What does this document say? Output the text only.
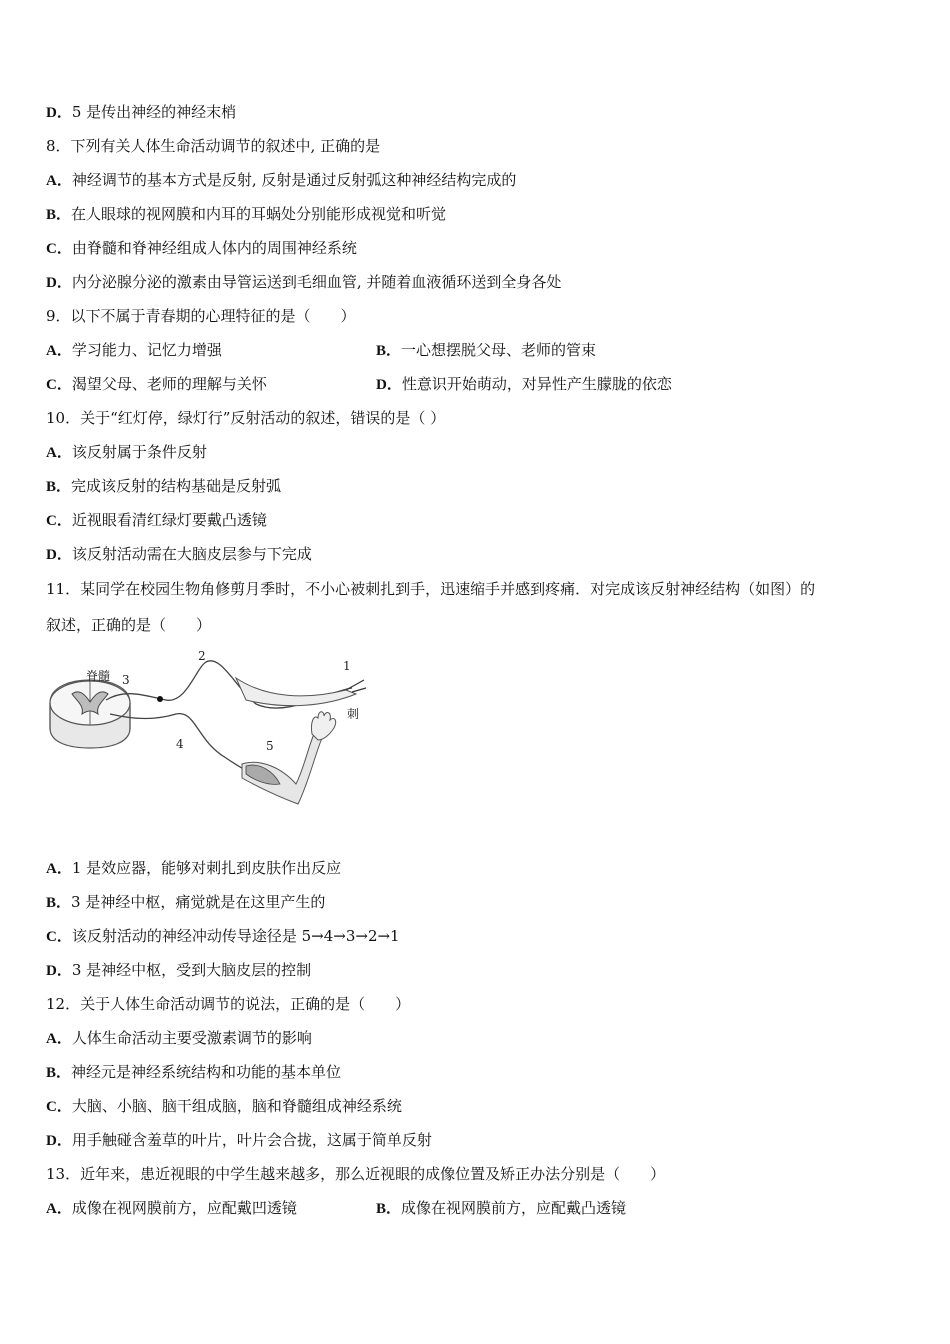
D．5 是传出神经的神经末梢
8．下列有关人体生命活动调节的叙述中, 正确的是
A．神经调节的基本方式是反射, 反射是通过反射弧这种神经结构完成的
B．在人眼球的视网膜和内耳的耳蜗处分别能形成视觉和听觉
C．由脊髓和脊神经组成人体内的周围神经系统
D．内分泌腺分泌的激素由导管运送到毛细血管, 并随着血液循环送到全身各处
9．以下不属于青春期的心理特征的是（　　）
A．学习能力、记忆力增强	B．一心想摆脱父母、老师的管束
C．渴望父母、老师的理解与关怀	D．性意识开始萌动，对异性产生朦胧的依恋
10．关于“红灯停，绿灯行”反射活动的叙述，错误的是（ ）
A．该反射属于条件反射
B．完成该反射的结构基础是反射弧
C．近视眼看清红绿灯要戴凸透镜
D．该反射活动需在大脑皮层参与下完成
11．某同学在校园生物角修剪月季时，不小心被刺扎到手，迅速缩手并感到疼痛．对完成该反射神经结构（如图）的
叙述，正确的是（　　）
脊髓 3
2
1
刺
4	5
A．1 是效应器，能够对刺扎到皮肤作出反应
B．3 是神经中枢，痛觉就是在这里产生的
C．该反射活动的神经冲动传导途径是 5→4→3→2→1
D．3 是神经中枢，受到大脑皮层的控制
12．关于人体生命活动调节的说法，正确的是（　　）
A．人体生命活动主要受激素调节的影响
B．神经元是神经系统结构和功能的基本单位
C．大脑、小脑、脑干组成脑，脑和脊髓组成神经系统
D．用手触碰含羞草的叶片，叶片会合拢，这属于简单反射
13．近年来，患近视眼的中学生越来越多，那么近视眼的成像位置及矫正办法分别是（　　）
A．成像在视网膜前方，应配戴凹透镜	B．成像在视网膜前方，应配戴凸透镜
